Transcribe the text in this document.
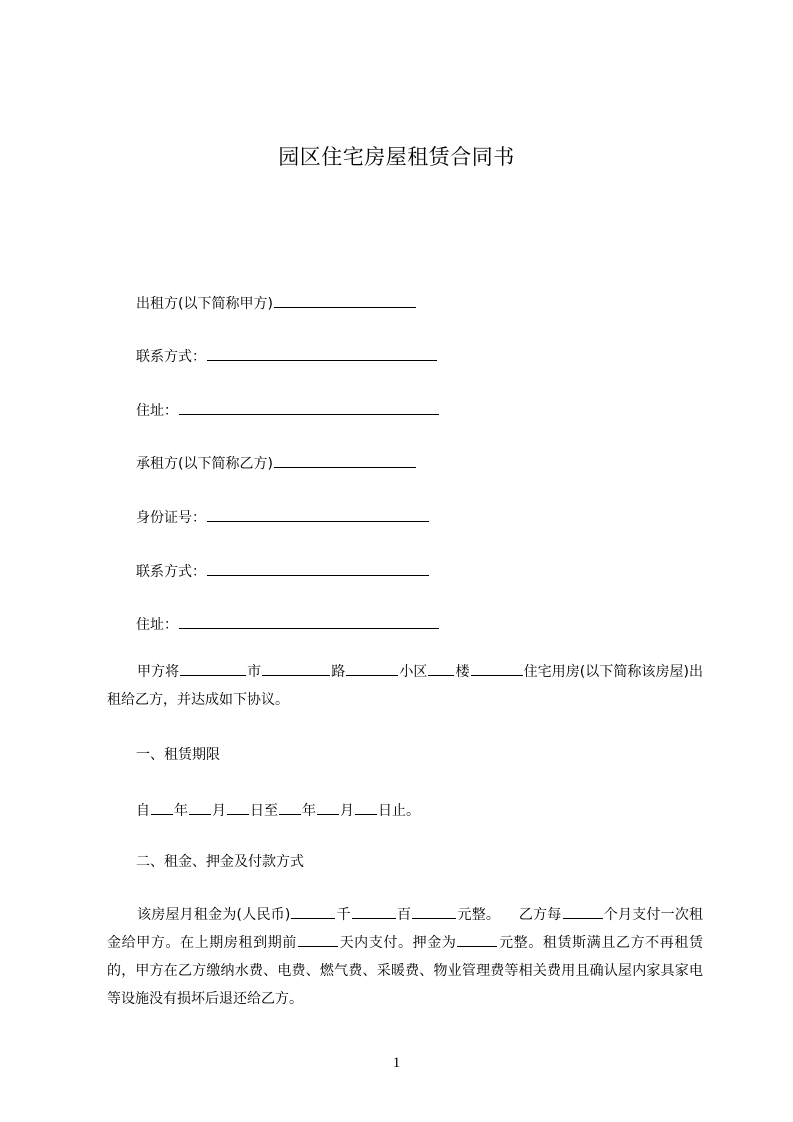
园区住宅房屋租赁合同书
出租方(以下简称甲方)
联系方式：
住址：
承租方(以下简称乙方)
身份证号：
联系方式：
住址：
甲方将	市	路	小区 楼	住宅用房(以下简称该房屋)出租给乙方，并达成如下协议。
一、租赁期限
自 年 月 日至 年 月 日止。
二、租金、押金及付款方式
该房屋月租金为(人民币)	千	百	元整。 乙方每	个月支付一次租金给甲方。在上期房租到期前	天内支付。押金为	元整。租赁斯满且乙方不再租赁的，甲方在乙方缴纳水费、电费、燃气费、采暖费、物业管理费等相关费用且确认屋内家具家电等设施没有损坏后退还给乙方。
1
